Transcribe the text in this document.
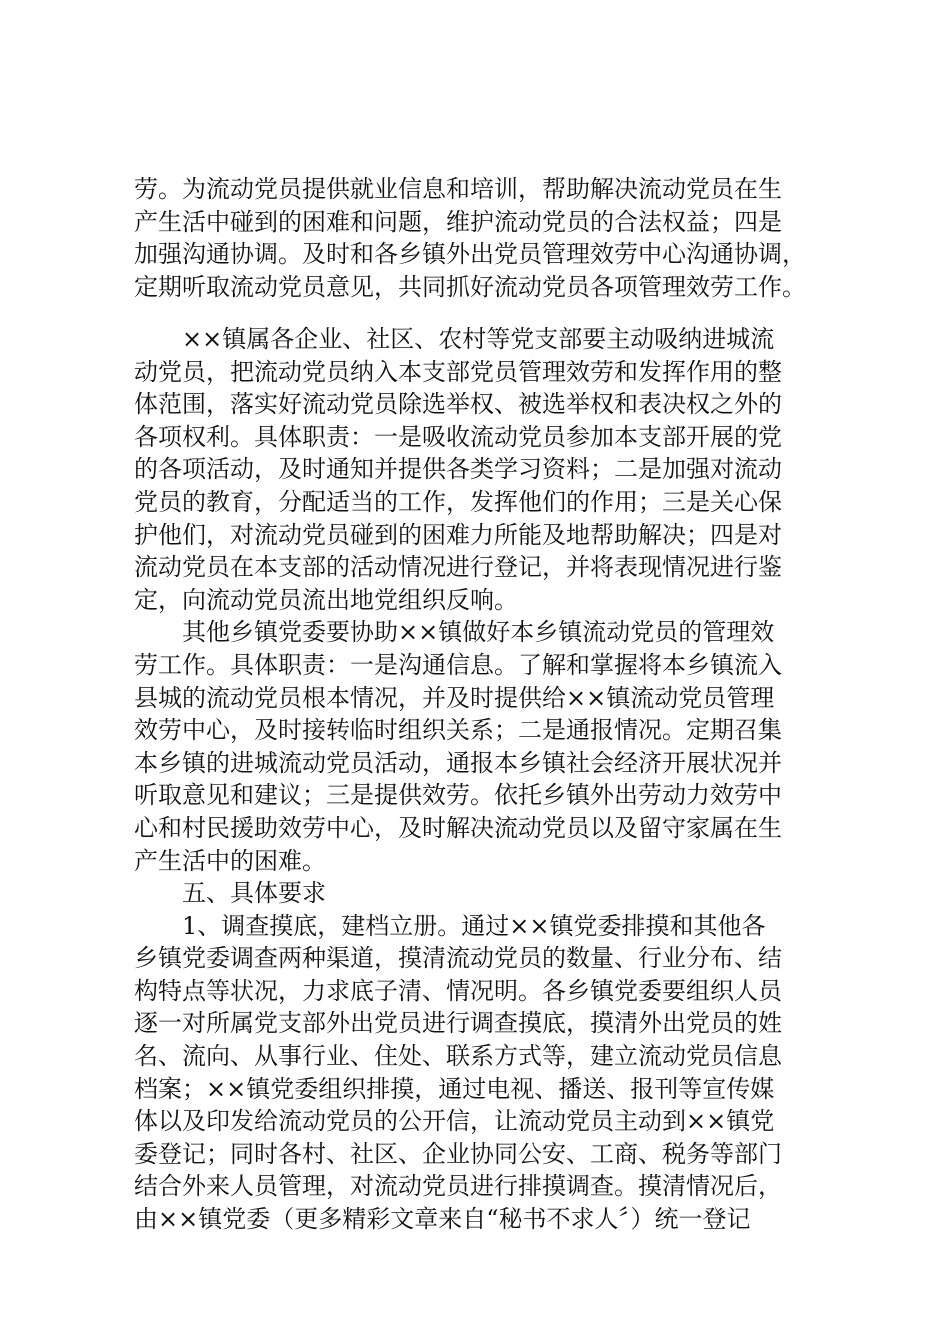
劳。为流动党员提供就业信息和培训，帮助解决流动党员在生
产生活中碰到的困难和问题，维护流动党员的合法权益；四是
加强沟通协调。及时和各乡镇外出党员管理效劳中心沟通协调，
定期听取流动党员意见，共同抓好流动党员各项管理效劳工作。
××镇属各企业、社区、农村等党支部要主动吸纳进城流
动党员，把流动党员纳入本支部党员管理效劳和发挥作用的整
体范围，落实好流动党员除选举权、被选举权和表决权之外的
各项权利。具体职责：一是吸收流动党员参加本支部开展的党
的各项活动，及时通知并提供各类学习资料；二是加强对流动
党员的教育，分配适当的工作，发挥他们的作用；三是关心保
护他们，对流动党员碰到的困难力所能及地帮助解决；四是对
流动党员在本支部的活动情况进行登记，并将表现情况进行鉴
定，向流动党员流出地党组织反响。
其他乡镇党委要协助××镇做好本乡镇流动党员的管理效
劳工作。具体职责：一是沟通信息。了解和掌握将本乡镇流入
县城的流动党员根本情况，并及时提供给××镇流动党员管理
效劳中心，及时接转临时组织关系；二是通报情况。定期召集
本乡镇的进城流动党员活动，通报本乡镇社会经济开展状况并
听取意见和建议；三是提供效劳。依托乡镇外出劳动力效劳中
心和村民援助效劳中心，及时解决流动党员以及留守家属在生
产生活中的困难。
五、具体要求
1、调查摸底，建档立册。通过××镇党委排摸和其他各
乡镇党委调查两种渠道，摸清流动党员的数量、行业分布、结
构特点等状况，力求底子清、情况明。各乡镇党委要组织人员
逐一对所属党支部外出党员进行调查摸底，摸清外出党员的姓
名、流向、从事行业、住处、联系方式等，建立流动党员信息
档案；××镇党委组织排摸，通过电视、播送、报刊等宣传媒
体以及印发给流动党员的公开信，让流动党员主动到××镇党
委登记；同时各村、社区、企业协同公安、工商、税务等部门
结合外来人员管理，对流动党员进行排摸调查。摸清情况后，
由××镇党委（更多精彩文章来自“秘书不求人〞）统一登记
